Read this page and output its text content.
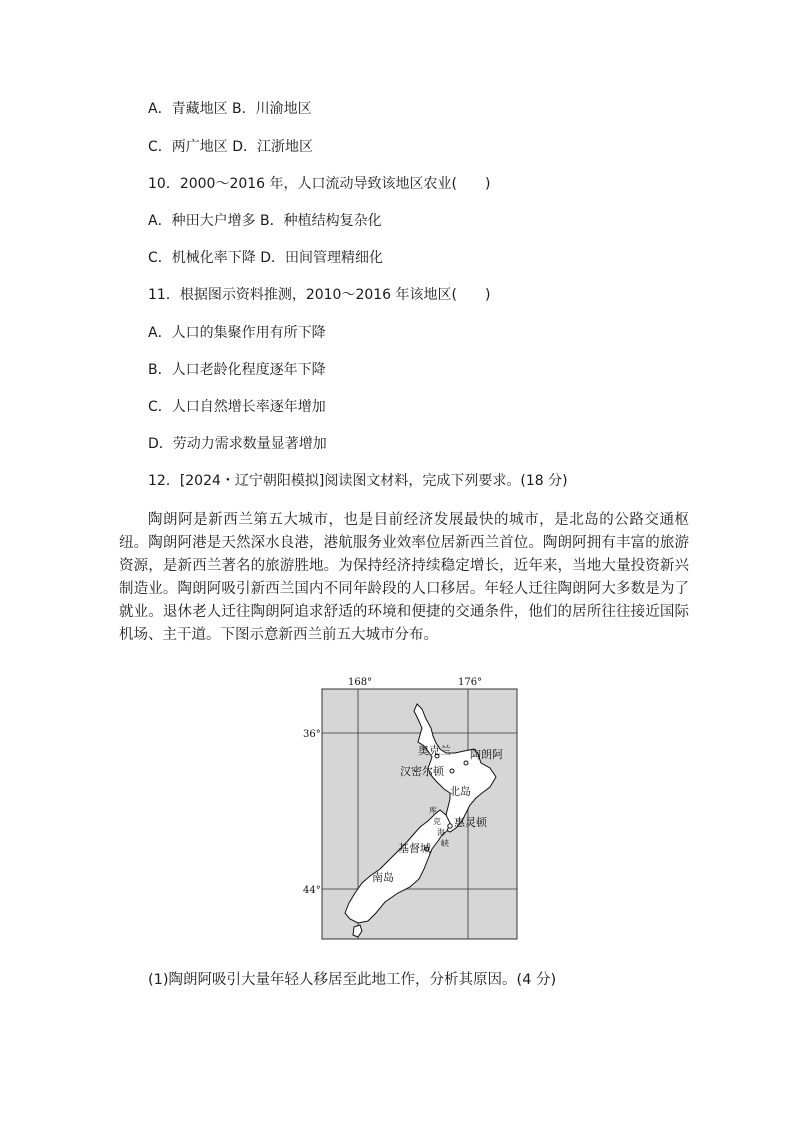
A．青藏地区 B．川渝地区
C．两广地区 D．江浙地区
10．2000～2016 年，人口流动导致该地区农业(　　)
A．种田大户增多 B．种植结构复杂化
C．机械化率下降 D．田间管理精细化
11．根据图示资料推测，2010～2016 年该地区(　　)
A．人口的集聚作用有所下降
B．人口老龄化程度逐年下降
C．人口自然增长率逐年增加
D．劳动力需求数量显著增加
12．[2024・辽宁朝阳模拟]阅读图文材料，完成下列要求。(18 分)

陶朗阿是新西兰第五大城市，也是目前经济发展最快的城市，是北岛的公路交通枢纽。陶朗阿港是天然深水良港，港航服务业效率位居新西兰首位。陶朗阿拥有丰富的旅游资源，是新西兰著名的旅游胜地。为保持经济持续稳定增长，近年来，当地大量投资新兴制造业。陶朗阿吸引新西兰国内不同年龄段的人口移居。年轻人迁往陶朗阿大多数是为了就业。退休老人迁往陶朗阿追求舒适的环境和便捷的交通条件，他们的居所往往接近国际机场、主干道。下图示意新西兰前五大城市分布。

168°	176°
36°
44°
奥克兰 陶朗阿
汉密尔顿
北岛
惠灵顿
基督城
南岛
库
克
海
峡
(1)陶朗阿吸引大量年轻人移居至此地工作，分析其原因。(4 分)
